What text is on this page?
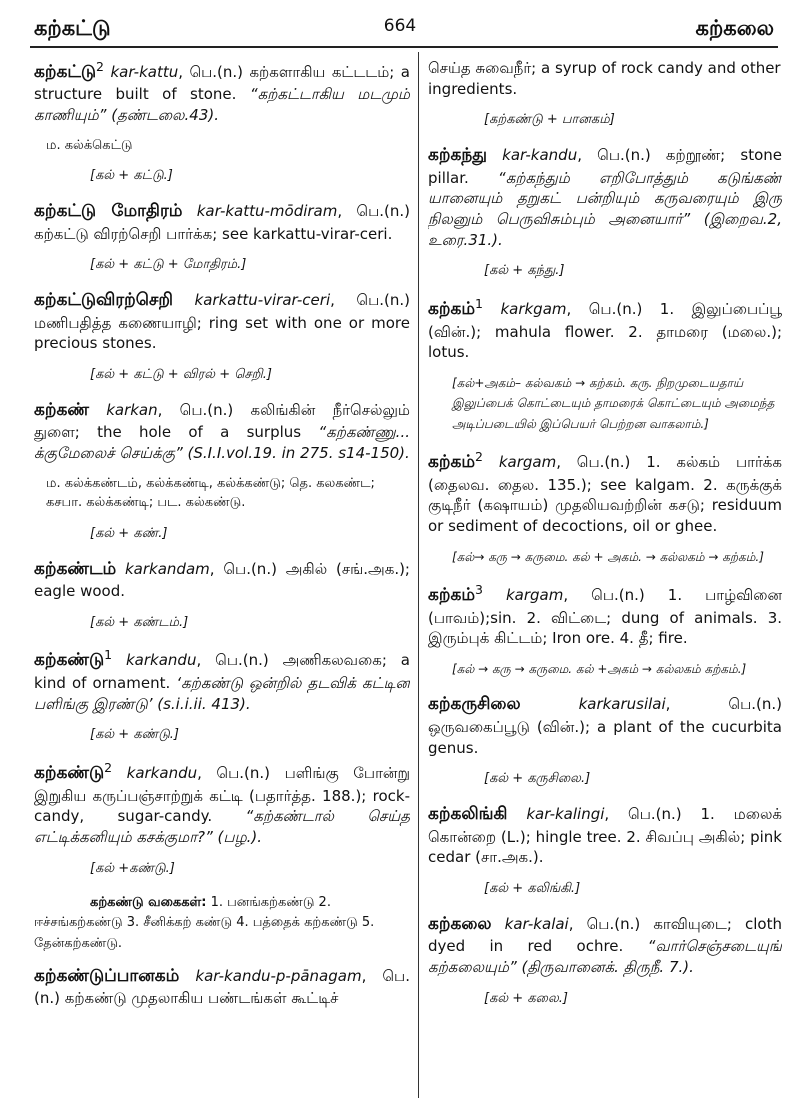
கற்கட்டு	664	கற்கலை
கற்கட்டு$^2$ kar-kattu, பெ.(n.) கற்களாகிய கட்டடம்; a structure built of stone. “கற்கட்டாகிய மடமும் காணியும்” (தண்டலை.43).
ம. கல்க்கெட்டு
[கல் + கட்டு.]
கற்கட்டு மோதிரம் kar-kattu-mōdiram, பெ.(n.) கற்கட்டு விரற்செறி பார்க்க; see karkattu-virar-ceri.
[கல் + கட்டு + மோதிரம்.]
கற்கட்டுவிரற்செறி karkattu-virar-ceri, பெ.(n.) மணிபதித்த கணையாழி; ring set with one or more precious stones.
[கல் + கட்டு + விரல் + செறி.]
கற்கண் karkan, பெ.(n.) கலிங்கின் நீர்செல்லும் துளை; the hole of a surplus “கற்கண்ணு... க்குமேலைச் செய்க்கு” (S.I.I.vol.19. in 275. s14-150).
ம. கல்க்கண்டம், கல்க்கண்டி, கல்க்கண்டு; தெ. கலகண்ட; கசபா. கல்க்கண்டி; பட. கல்கண்டு.
[கல் + கண்.]
கற்கண்டம் karkandam, பெ.(n.) அகில் (சங்.அக.); eagle wood.
[கல் + கண்டம்.]
கற்கண்டு$^1$ karkandu, பெ.(n.) அணிகலவகை; a kind of ornament. ‘கற்கண்டு ஒன்றில் தடவிக் கட்டின பளிங்கு இரண்டு’ (s.i.i.ii. 413).
[கல் + கண்டு.]
கற்கண்டு$^2$ karkandu, பெ.(n.) பளிங்கு போன்று இறுகிய கருப்பஞ்சாற்றுக் கட்டி (பதார்த்த. 188.); rock-candy, sugar-candy. “கற்கண்டால் செய்த எட்டிக்கனியும் கசக்குமா?” (பழ.).
[கல் +கண்டு.]
கற்கண்டு வகைகள்: 1. பனங்கற்கண்டு 2. ஈச்சங்கற்கண்டு 3. சீனிக்கற் கண்டு 4. பத்தைக் கற்கண்டு 5. தேன்கற்கண்டு.
கற்கண்டுப்பானகம் kar-kandu-p-pānagam, பெ.(n.) கற்கண்டு முதலாகிய பண்டங்கள் கூட்டிச்
செய்த சுவைநீர்; a syrup of rock candy and other ingredients.
[கற்கண்டு + பானகம்]
கற்கந்து kar-kandu, பெ.(n.) கற்றூண்; stone pillar. “கற்கந்தும் எறிபோத்தும் கடுங்கண் யானையும் தறுகட் பன்றியும் கருவரையும் இரு நிலனும் பெருவிசும்பும் அனையார்” (இறைவ.2, உரை.31.).
[கல் + கந்து.]
கற்கம்$^1$ karkgam, பெ.(n.) 1. இலுப்பைப்பூ (வின்.); mahula flower. 2. தாமரை (மலை.); lotus.
[கல்+அகம்– கல்வகம் → கற்கம். கரு. நிறமுடையதாய் இலுப்பைக் கொட்டையும் தாமரைக் கொட்டையும் அமைந்த அடிப்படையில் இப்பெயர் பெற்றன வாகலாம்.]
கற்கம்$^2$ kargam, பெ.(n.) 1. கல்கம் பார்க்க (தைலவ. தைல. 135.); see kalgam. 2. கருக்குக் குடிநீர் (கஷாயம்) முதலியவற்றின் கசடு; residuum or sediment of decoctions, oil or ghee.
[கல்→ கரு → கருமை. கல் + அகம். → கல்லகம் → கற்கம்.]
கற்கம்$^3$ kargam, பெ.(n.) 1. பாழ்வினை (பாவம்);sin. 2. விட்டை; dung of animals. 3. இரும்புக் கிட்டம்; Iron ore. 4. தீ; fire.
[கல் → கரு → கருமை. கல் +அகம் → கல்லகம் கற்கம்.]
கற்கருசிலை	karkarusilai, பெ.(n.) ஒருவகைப்பூடு (வின்.); a plant of the cucurbita genus.
[கல் + கருசிலை.]
கற்கலிங்கி kar-kalingi, பெ.(n.) 1. மலைக் கொன்றை (L.); hingle tree. 2. சிவப்பு அகில்; pink cedar (சா.அக.).
[கல் + கலிங்கி.]
கற்கலை kar-kalai, பெ.(n.) காவியுடை; cloth dyed in red ochre. “வார்செஞ்சடையுங் கற்கலையும்” (திருவானைக். திருநீ. 7.).
[கல் + கலை.]
